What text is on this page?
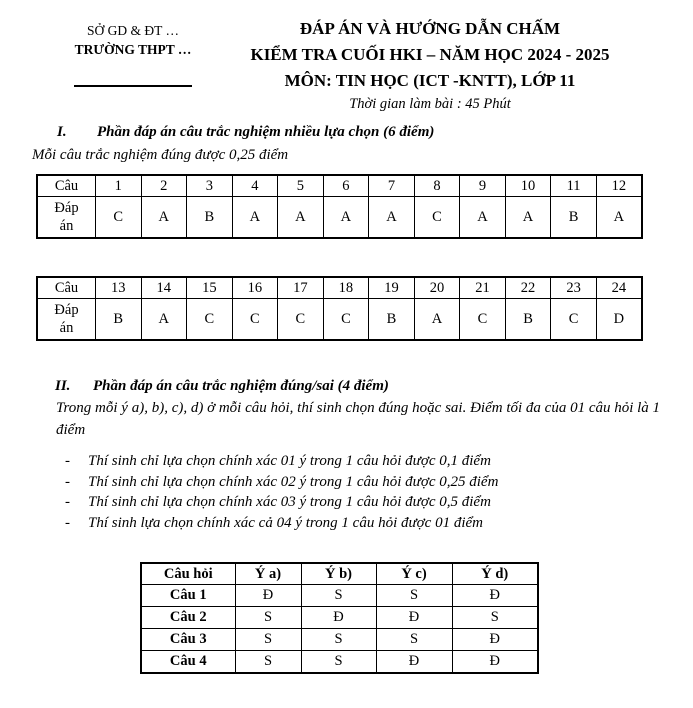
SỞ GD & ĐT …
TRƯỜNG THPT …
ĐÁP ÁN VÀ HƯỚNG DẪN CHẤM
KIỂM TRA CUỐI HKI – NĂM HỌC 2024 - 2025
MÔN: TIN HỌC (ICT -KNTT), LỚP 11
Thời gian làm bài : 45 Phút
I. Phần đáp án câu trắc nghiệm nhiều lựa chọn (6 điểm)
Mỗi câu trắc nghiệm đúng được 0,25 điểm
Câu	1	2	3	4	5	6	7	8	9	10	11	12
Đáp án	C	A	B	A	A	A	A	C	A	A	B	A
Câu	13	14	15	16	17	18	19	20	21	22	23	24
Đáp án	B	A	C	C	C	C	B	A	C	B	C	D
II. Phần đáp án câu trắc nghiệm đúng/sai (4 điểm)
Trong mỗi ý a), b), c), d) ở mỗi câu hỏi, thí sinh chọn đúng hoặc sai. Điểm tối đa của 01 câu hỏi là 1 điểm
-	Thí sinh chỉ lựa chọn chính xác 01 ý trong 1 câu hỏi được 0,1 điểm
-	Thí sinh chỉ lựa chọn chính xác 02 ý trong 1 câu hỏi được 0,25 điểm
-	Thí sinh chỉ lựa chọn chính xác 03 ý trong 1 câu hỏi được 0,5 điểm
-	Thí sinh lựa chọn chính xác cả 04 ý trong 1 câu hỏi được 01 điểm
Câu hỏi	Ý a)	Ý b)	Ý c)	Ý d)
Câu 1	Đ	S	S	Đ
Câu 2	S	Đ	Đ	S
Câu 3	S	S	S	Đ
Câu 4	S	S	Đ	Đ
